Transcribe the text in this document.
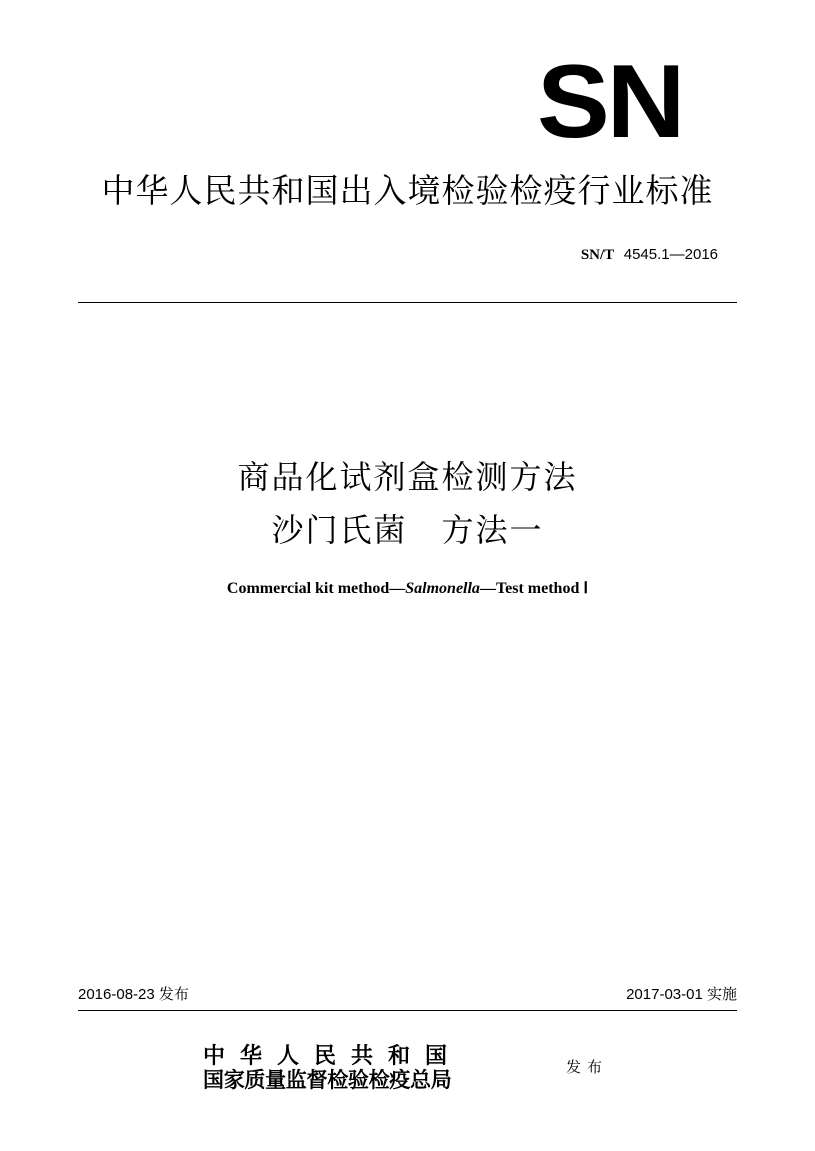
SN
中华人民共和国出入境检验检疫行业标准
SN/T 4545.1—2016
商品化试剂盒检测方法
沙门氏菌　方法一
Commercial kit method—Salmonella—Test method Ⅰ
2016-08-23 发布	2017-03-01 实施
中华人民共和国
国家质量监督检验检疫总局	发布
